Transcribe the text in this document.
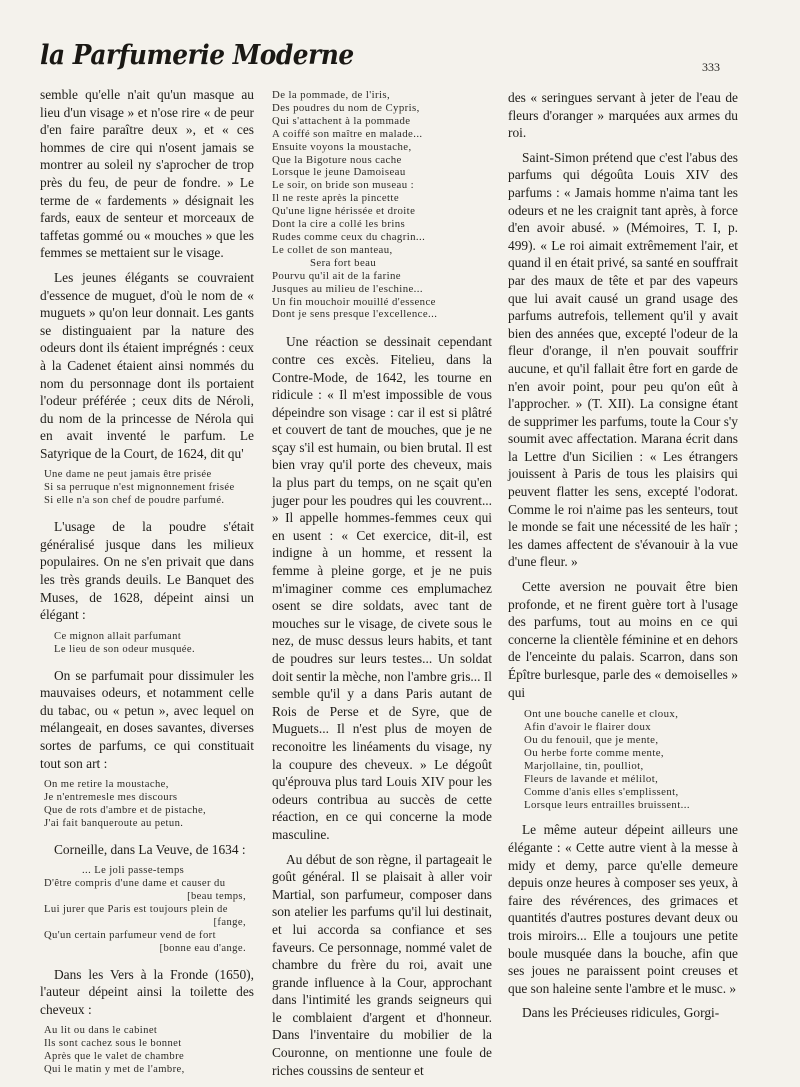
la Parfumerie Moderne	333

semble qu'elle n'ait qu'un masque au lieu d'un visage » et n'ose rire « de peur d'en faire paraître deux », et « ces hommes de cire qui n'osent jamais se montrer au soleil ny s'aprocher de trop près du feu, de peur de fondre. » Le terme de « fardements » désignait les fards, eaux de senteur et morceaux de taffetas gommé ou « mouches » que les femmes se mettaient sur le visage.

Les jeunes élégants se couvraient d'essence de muguet, d'où le nom de « muguets » qu'on leur donnait. Les gants se distinguaient par la nature des odeurs dont ils étaient imprégnés : ceux à la Cadenet étaient ainsi nommés du nom du personnage dont ils portaient l'odeur préférée ; ceux dits de Néroli, du nom de la princesse de Nérola qui en avait inventé le parfum. Le Satyrique de la Court, de 1624, dit qu'

Une dame ne peut jamais être prisée
Si sa perruque n'est mignonnement frisée
Si elle n'a son chef de poudre parfumé.

L'usage de la poudre s'était généralisé jusque dans les milieux populaires. On ne s'en privait que dans les très grands deuils. Le Banquet des Muses, de 1628, dépeint ainsi un élégant :

Ce mignon allait parfumant
Le lieu de son odeur musquée.

On se parfumait pour dissimuler les mauvaises odeurs, et notamment celle du tabac, ou « petun », avec lequel on mélangeait, en doses savantes, diverses sortes de parfums, ce qui constituait tout son art :

On me retire la moustache,
Je n'entremesle mes discours
Que de rots d'ambre et de pistache,
J'ai fait banqueroute au petun.

Corneille, dans La Veuve, de 1634 :

... Le joli passe-temps
D'être compris d'une dame et causer du
[beau temps,
Lui jurer que Paris est toujours plein de
[fange,
Qu'un certain parfumeur vend de fort
[bonne eau d'ange.

Dans les Vers à la Fronde (1650), l'auteur dépeint ainsi la toilette des cheveux :

Au lit ou dans le cabinet
Ils sont cachez sous le bonnet
Après que le valet de chambre
Qui le matin y met de l'ambre,
De la pommade, de l'iris,
Des poudres du nom de Cypris,
Qui s'attachent à la pommade
A coiffé son maître en malade...
Ensuite voyons la moustache,
Que la Bigoture nous cache
Lorsque le jeune Damoiseau
Le soir, on bride son museau :
Il ne reste après la pincette
Qu'une ligne hérissée et droite
Dont la cire a collé les brins
Rudes comme ceux du chagrin...
Le collet de son manteau,
Sera fort beau
Pourvu qu'il ait de la farine
Jusques au milieu de l'eschine...
Un fin mouchoir mouillé d'essence
Dont je sens presque l'excellence...

Une réaction se dessinait cependant contre ces excès. Fitelieu, dans la Contre-Mode, de 1642, les tourne en ridicule : « Il m'est impossible de vous dépeindre son visage : car il est si plâtré et couvert de tant de mouches, que je ne sçay s'il est humain, ou bien brutal. Il est bien vray qu'il porte des cheveux, mais la plus part du temps, on ne sçait qu'en juger pour les poudres qui les couvrent... » Il appelle hommes-femmes ceux qui en usent : « Cet exercice, dit-il, est indigne à un homme, et ressent la femme à pleine gorge, et je ne puis m'imaginer comme ces emplumachez osent se dire soldats, avec tant de mouches sur le visage, de civete sous le nez, de musc dessus leurs habits, et tant de poudres sur leurs testes... Un soldat doit sentir la mèche, non l'ambre gris... Il semble qu'il y a dans Paris autant de Rois de Perse et de Syre, que de Muguets... Il n'est plus de moyen de reconoitre les linéaments du visage, ny la coupure des cheveux. » Le dégoût qu'éprouva plus tard Louis XIV pour les odeurs contribua au succès de cette réaction, en ce qui concerne la mode masculine.

Au début de son règne, il partageait le goût général. Il se plaisait à aller voir Martial, son parfumeur, composer dans son atelier les parfums qu'il lui destinait, et lui accorda sa confiance et ses faveurs. Ce personnage, nommé valet de chambre du frère du roi, avait une grande influence à la Cour, approchant dans l'intimité les grands seigneurs qui le comblaient d'argent et d'honneur. Dans l'inventaire du mobilier de la Couronne, on mentionne une foule de riches coussins de senteur et

des « seringues servant à jeter de l'eau de fleurs d'oranger » marquées aux armes du roi.

Saint-Simon prétend que c'est l'abus des parfums qui dégoûta Louis XIV des parfums : « Jamais homme n'aima tant les odeurs et ne les craignit tant après, à force d'en avoir abusé. » (Mémoires, T. I, p. 499). « Le roi aimait extrêmement l'air, et quand il en était privé, sa santé en souffrait par des maux de tête et par des vapeurs que lui avait causé un grand usage des parfums autrefois, tellement qu'il y avait bien des années que, excepté l'odeur de la fleur d'orange, il n'en pouvait souffrir aucune, et qu'il fallait être fort en garde de n'en avoir point, pour peu qu'on eût à l'approcher. » (T. XII). La consigne étant de supprimer les parfums, toute la Cour s'y soumit avec affectation. Marana écrit dans la Lettre d'un Sicilien : « Les étrangers jouissent à Paris de tous les plaisirs qui peuvent flatter les sens, excepté l'odorat. Comme le roi n'aime pas les senteurs, tout le monde se fait une nécessité de les haïr ; les dames affectent de s'évanouir à la vue d'une fleur. »

Cette aversion ne pouvait être bien profonde, et ne firent guère tort à l'usage des parfums, tout au moins en ce qui concerne la clientèle féminine et en dehors de l'enceinte du palais. Scarron, dans son Épître burlesque, parle des « demoiselles » qui

Ont une bouche canelle et cloux,
Afin d'avoir le flairer doux
Ou du fenouil, que je mente,
Ou herbe forte comme mente,
Marjollaine, tin, poulliot,
Fleurs de lavande et mélilot,
Comme d'anis elles s'emplissent,
Lorsque leurs entrailles bruissent...

Le même auteur dépeint ailleurs une élégante : « Cette autre vient à la messe à midy et demy, parce qu'elle demeure depuis onze heures à composer ses yeux, à faire des révérences, des grimaces et quantités d'autres postures devant deux ou trois miroirs... Elle a toujours une petite boule musquée dans la bouche, afin que ses joues ne paraissent point creuses et que son haleine sente l'ambre et le musc. »

Dans les Précieuses ridicules, Gorgi-
